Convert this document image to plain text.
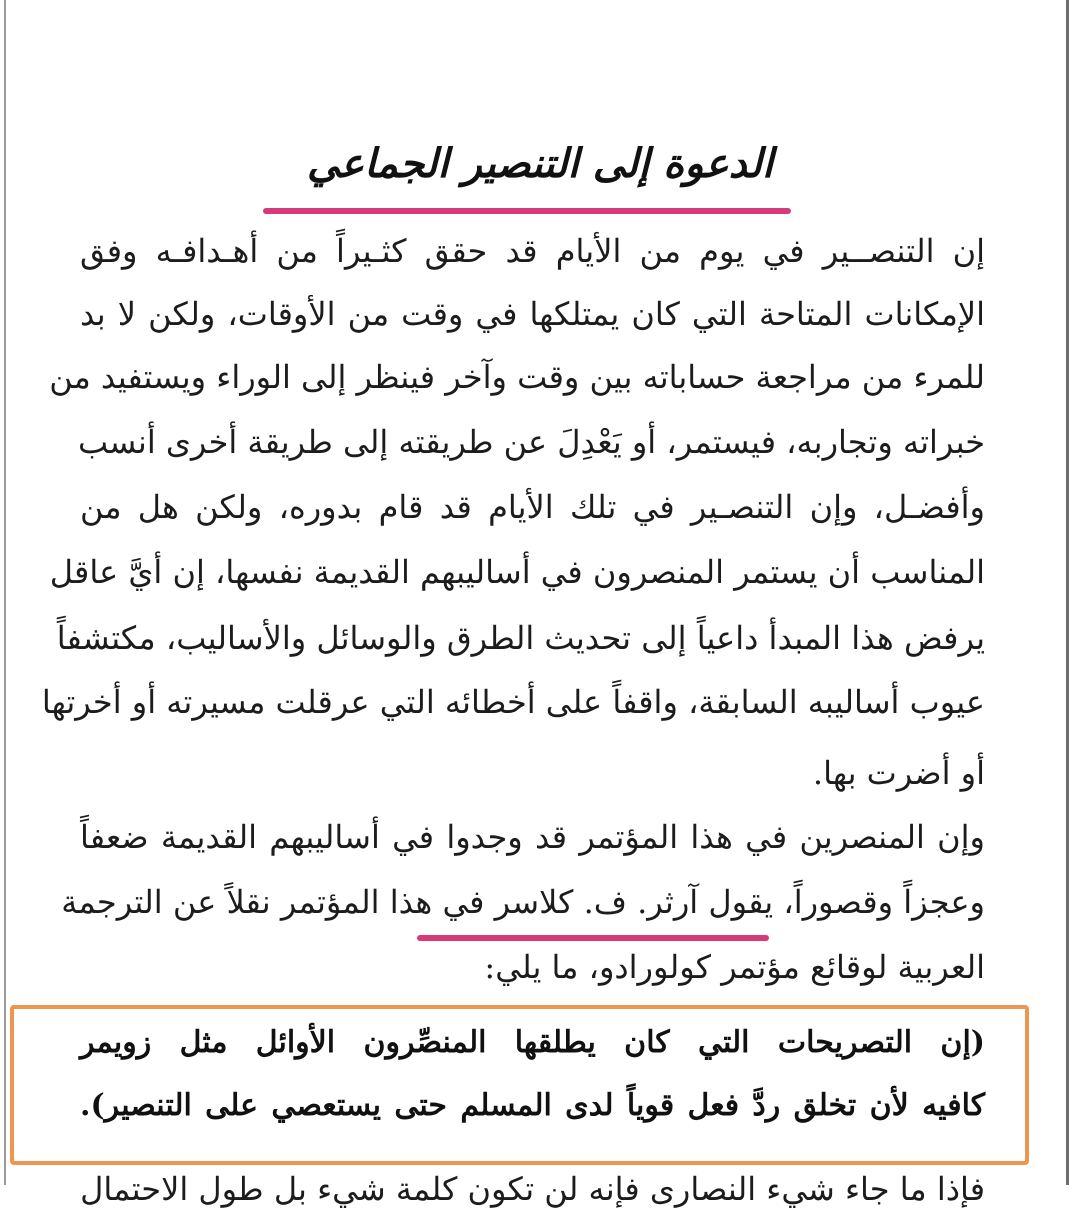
الدعوة إلى التنصير الجماعي
إن التنصــير في يوم من الأيام قد حقق كثـيراً من أهـدافـه وفق
الإمكانات المتاحة التي كان يمتلكها في وقت من الأوقات، ولكن لا بد
للمرء من مراجعة حساباته بين وقت وآخر فينظر إلى الوراء ويستفيد من
خبراته وتجاربه، فيستمر، أو يَعْدِلَ عن طريقته إلى طريقة أخرى أنسب
وأفضـل، وإن التنصـير في تلك الأيام قد قام بدوره، ولكن هل من
المناسب أن يستمر المنصرون في أساليبهم القديمة نفسها، إن أيَّ عاقل
يرفض هذا المبدأ داعياً إلى تحديث الطرق والوسائل والأساليب، مكتشفاً
عيوب أساليبه السابقة، واقفاً على أخطائه التي عرقلت مسيرته أو أخرتها
أو أضرت بها.
وإن المنصرين في هذا المؤتمر قد وجدوا في أساليبهم القديمة ضعفاً
وعجزاً وقصوراً، يقول آرثر. ف. كلاسر في هذا المؤتمر نقلاً عن الترجمة
العربية لوقائع مؤتمر كولورادو، ما يلي:
(إن التصريحات التي كان يطلقها المنصِّرون الأوائل مثل زويمر
كافيه لأن تخلق ردَّ فعل قوياً لدى المسلم حتى يستعصي على التنصير).
فإذا ما جاء شيء النصارى فإنه لن تكون كلمة شيء بل طول الاحتمال
